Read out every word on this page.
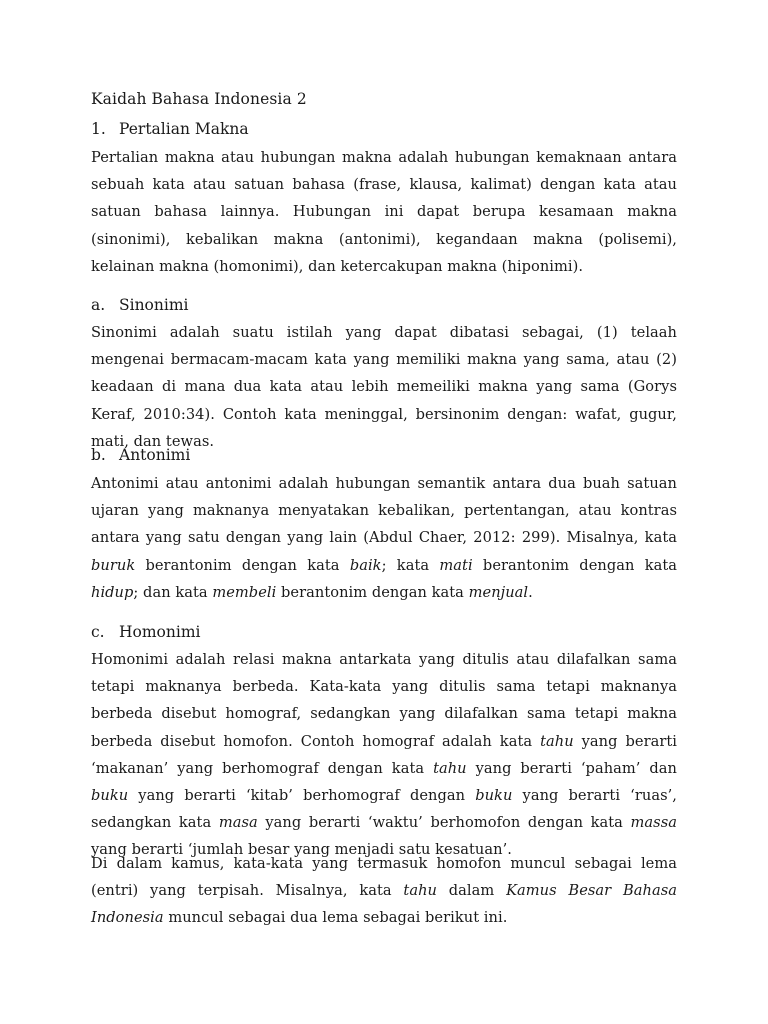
Kaidah Bahasa Indonesia 2
1. Pertalian Makna

Pertalian makna atau hubungan makna adalah hubungan kemaknaan antara sebuah kata atau satuan bahasa (frase, klausa, kalimat) dengan kata atau satuan bahasa lainnya. Hubungan ini dapat berupa kesamaan makna (sinonimi), kebalikan makna (antonimi), kegandaan makna (polisemi), kelainan makna (homonimi), dan ketercakupan makna (hiponimi).

a. Sinonimi

Sinonimi adalah suatu istilah yang dapat dibatasi sebagai, (1) telaah mengenai bermacam-macam kata yang memiliki makna yang sama, atau (2) keadaan di mana dua kata atau lebih memeiliki makna yang sama (Gorys Keraf, 2010:34). Contoh kata meninggal, bersinonim dengan: wafat, gugur, mati, dan tewas.

b. Antonimi

Antonimi atau antonimi adalah hubungan semantik antara dua buah satuan ujaran yang maknanya menyatakan kebalikan, pertentangan, atau kontras antara yang satu dengan yang lain (Abdul Chaer, 2012: 299). Misalnya, kata buruk berantonim dengan kata baik; kata mati berantonim dengan kata hidup; dan kata membeli berantonim dengan kata menjual.

c. Homonimi

Homonimi adalah relasi makna antarkata yang ditulis atau dilafalkan sama tetapi maknanya berbeda. Kata-kata yang ditulis sama tetapi maknanya berbeda disebut homograf, sedangkan yang dilafalkan sama tetapi makna berbeda disebut homofon. Contoh homograf adalah kata tahu yang berarti ‘makanan’ yang berhomograf dengan kata tahu yang berarti ‘paham’ dan buku yang berarti ‘kitab’ berhomograf dengan buku yang berarti ‘ruas’, sedangkan kata masa yang berarti ‘waktu’ berhomofon dengan kata massa yang berarti ‘jumlah besar yang menjadi satu kesatuan’.

Di dalam kamus, kata-kata yang termasuk homofon muncul sebagai lema (entri) yang terpisah. Misalnya, kata tahu dalam Kamus Besar Bahasa Indonesia muncul sebagai dua lema sebagai berikut ini.
